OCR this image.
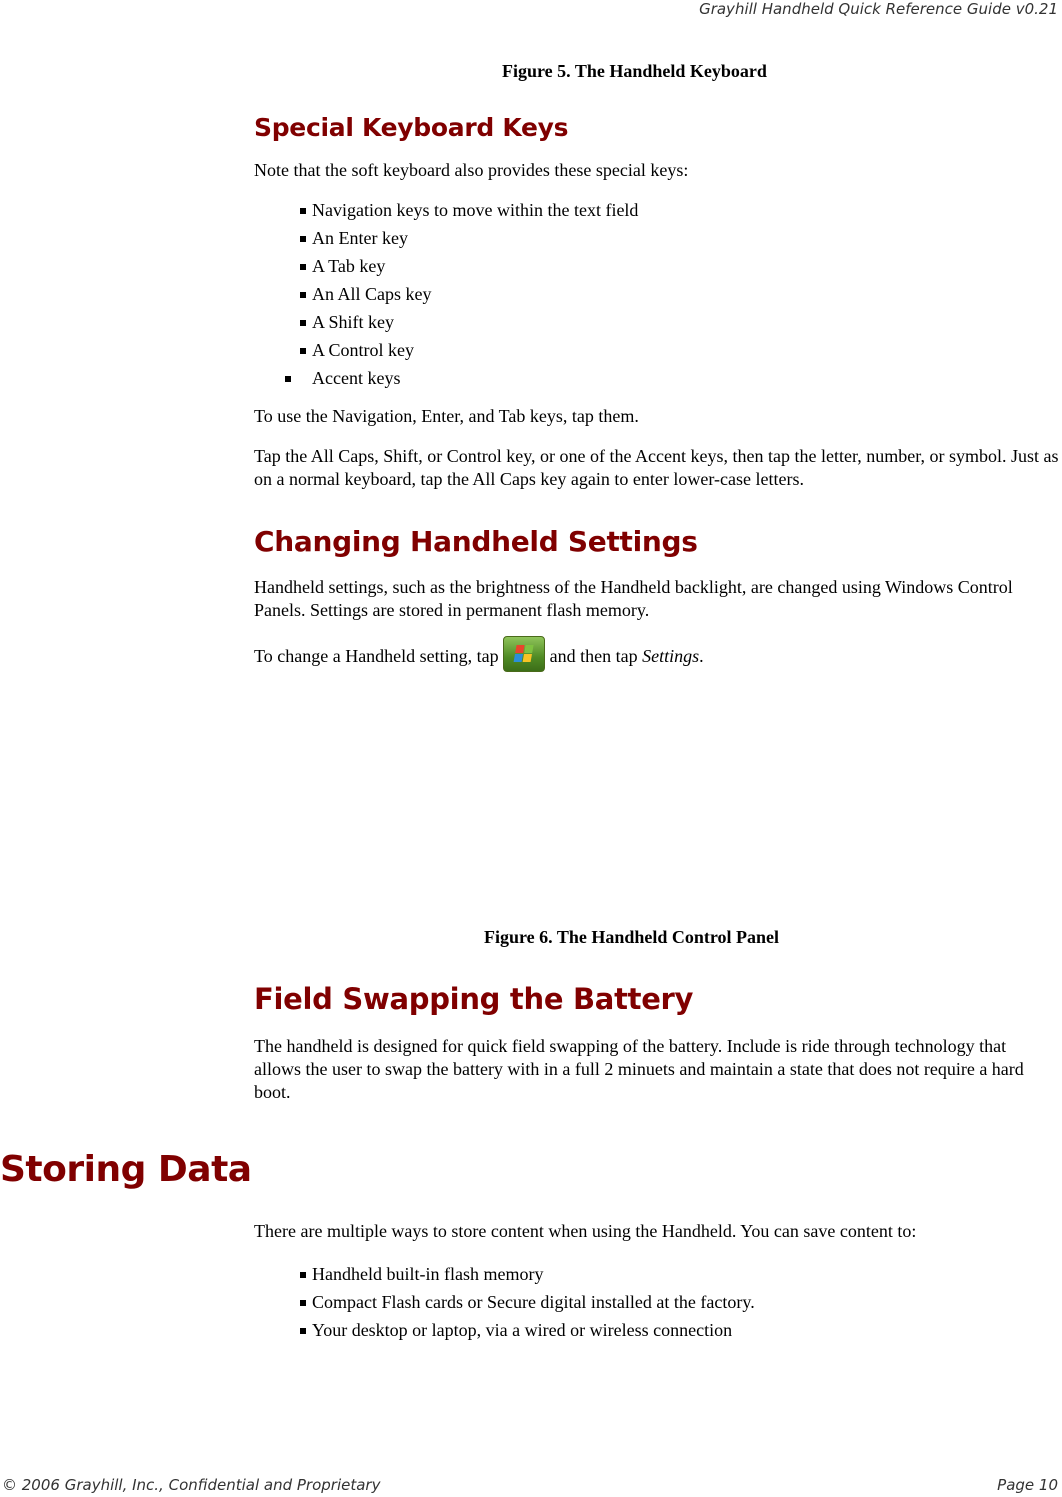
Grayhill Handheld Quick Reference Guide v0.21
Figure 5. The Handheld Keyboard
Special Keyboard Keys
Note that the soft keyboard also provides these special keys:
Navigation keys to move within the text field
An Enter key
A Tab key
An All Caps key
A Shift key
A Control key
Accent keys
To use the Navigation, Enter, and Tab keys, tap them.
Tap the All Caps, Shift, or Control key, or one of the Accent keys, then tap the letter, number, or symbol. Just as on a normal keyboard, tap the All Caps key again to enter lower-case letters.
Changing Handheld Settings
Handheld settings, such as the brightness of the Handheld backlight, are changed using Windows Control Panels. Settings are stored in permanent flash memory.
To change a Handheld setting, tap
and then tap Settings.
Figure 6. The Handheld Control Panel
Field Swapping the Battery
The handheld is designed for quick field swapping of the battery. Include is ride through technology that allows the user to swap the battery with in a full 2 minuets and maintain a state that does not require a hard boot.
Storing Data
There are multiple ways to store content when using the Handheld. You can save content to:
Handheld built-in flash memory
Compact Flash cards or Secure digital installed at the factory.
Your desktop or laptop, via a wired or wireless connection
© 2006 Grayhill, Inc., Confidential and Proprietary	Page 10
